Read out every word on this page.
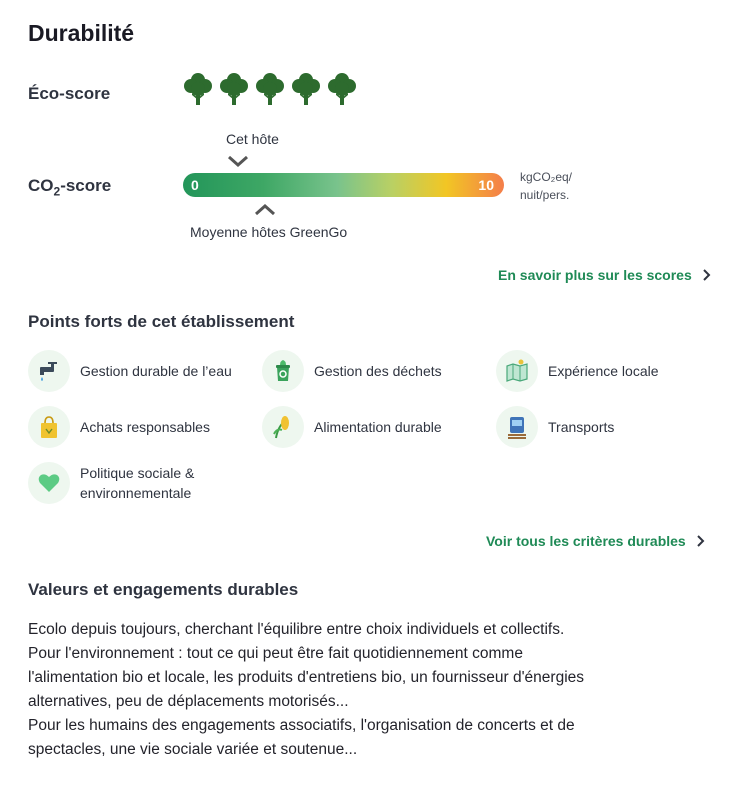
Durabilité
Éco-score
Cet hôte
$CO_2$-score	0	10 kgCO₂eq/
nuit/pers.
Moyenne hôtes GreenGo
En savoir plus sur les scores
Points forts de cet établissement
Gestion durable de l’eau	Gestion des déchets	Expérience locale
Achats responsables	Alimentation durable	Transports
Politique sociale &
environnementale
Voir tous les critères durables
Valeurs et engagements durables
Ecolo depuis toujours, cherchant l'équilibre entre choix individuels et collectifs.
Pour l'environnement : tout ce qui peut être fait quotidiennement comme
l'alimentation bio et locale, les produits d'entretiens bio, un fournisseur d'énergies
alternatives, peu de déplacements motorisés...
Pour les humains des engagements associatifs, l'organisation de concerts et de
spectacles, une vie sociale variée et soutenue...
